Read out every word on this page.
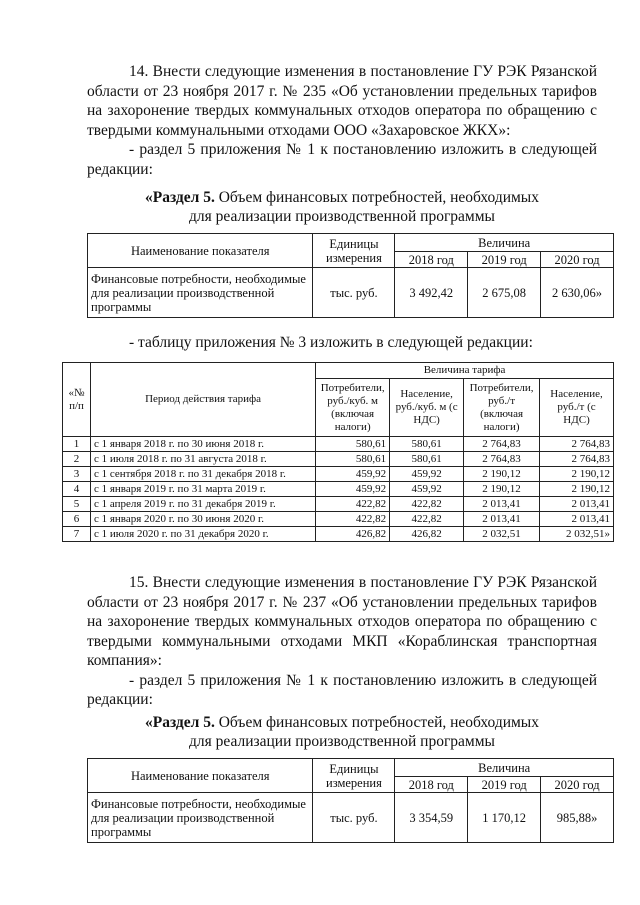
14. Внести следующие изменения в постановление ГУ РЭК Рязанской области от 23 ноября 2017 г. № 235 «Об установлении предельных тарифов на захоронение твердых коммунальных отходов оператора по обращению с твердыми коммунальными отходами ООО «Захаровское ЖКХ»:

- раздел 5 приложения № 1 к постановлению изложить в следующей редакции:

«Раздел 5. Объем финансовых потребностей, необходимых
для реализации производственной программы
Наименование показателя	Единицы измерения	Величина		
		2018 год	2019 год	2020 год
Финансовые потребности, необходимые для реализации производственной программы	тыс. руб.	3 492,42	2 675,08	2 630,06»

- таблицу приложения № 3 изложить в следующей редакции:

«№ п/п	Период действия тарифа	Величина тарифа			
		Потребители, руб./куб. м (включая налоги)	Население, руб./куб. м (с НДС)	Потребители, руб./т (включая налоги)	Население, руб./т (с НДС)
1	с 1 января 2018 г. по 30 июня 2018 г.	580,61	580,61	2 764,83	2 764,83
2	с 1 июля 2018 г. по 31 августа 2018 г.	580,61	580,61	2 764,83	2 764,83
3	с 1 сентября 2018 г. по 31 декабря 2018 г.	459,92	459,92	2 190,12	2 190,12
4	с 1 января 2019 г. по 31 марта 2019 г.	459,92	459,92	2 190,12	2 190,12
5	с 1 апреля 2019 г. по 31 декабря 2019 г.	422,82	422,82	2 013,41	2 013,41
6	с 1 января 2020 г. по 30 июня 2020 г.	422,82	422,82	2 013,41	2 013,41
7	с 1 июля 2020 г. по 31 декабря 2020 г.	426,82	426,82	2 032,51	2 032,51»

15. Внести следующие изменения в постановление ГУ РЭК Рязанской области от 23 ноября 2017 г. № 237 «Об установлении предельных тарифов на захоронение твердых коммунальных отходов оператора по обращению с твердыми коммунальными отходами МКП «Кораблинская транспортная компания»:

- раздел 5 приложения № 1 к постановлению изложить в следующей редакции:

«Раздел 5. Объем финансовых потребностей, необходимых
для реализации производственной программы
Наименование показателя	Единицы измерения	Величина		
		2018 год	2019 год	2020 год
Финансовые потребности, необходимые для реализации производственной программы	тыс. руб.	3 354,59	1 170,12	985,88»
